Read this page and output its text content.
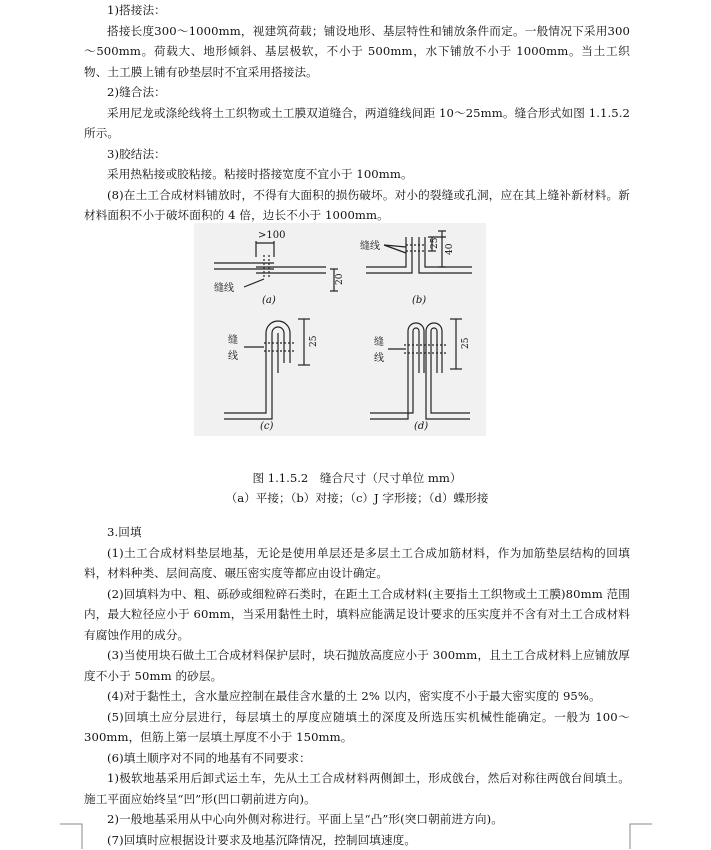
1)搭接法：

搭接长度300～1000mm，视建筑荷载；铺设地形、基层特性和铺放条件而定。一般情况下采用300～500mm。荷载大、地形倾斜、基层极软，不小于 500mm，水下铺放不小于 1000mm。当土工织物、土工膜上铺有砂垫层时不宜采用搭接法。

2)缝合法：

采用尼龙或涤纶线将土工织物或土工膜双道缝合，两道缝线间距 10～25mm。缝合形式如图 1.1.5.2 所示。

3)胶结法：

采用热粘接或胶粘接。粘接时搭接宽度不宜小于 100mm。

(8)在土工合成材料铺放时，不得有大面积的损伤破坏。对小的裂缝或孔洞，应在其上缝补新材料。新材料面积不小于破坏面积的 4 倍，边长不小于 1000mm。

>100
缝线
20
(a)
缝线	25
40
(b)
缝
线
25
(c)
缝
线
25
(d)
图 1.1.5.2　缝合尺寸（尺寸单位 mm）
（a）平接；（b）对接；（c）J 字形接；（d）蝶形接

3.回填

(1)土工合成材料垫层地基，无论是使用单层还是多层土工合成加筋材料，作为加筋垫层结构的回填料，材料种类、层间高度、碾压密实度等都应由设计确定。

(2)回填料为中、粗、砾砂或细粒碎石类时，在距土工合成材料(主要指土工织物或土工膜)80mm 范围内，最大粒径应小于 60mm，当采用黏性土时，填料应能满足设计要求的压实度并不含有对土工合成材料有腐蚀作用的成分。

(3)当使用块石做土工合成材料保护层时，块石抛放高度应小于 300mm，且土工合成材料上应铺放厚度不小于 50mm 的砂层。

(4)对于黏性土，含水量应控制在最佳含水量的土 2% 以内，密实度不小于最大密实度的 95%。

(5)回填土应分层进行，每层填土的厚度应随填土的深度及所选压实机械性能确定。一般为 100～300mm，但筋上第一层填土厚度不小于 150mm。

(6)填土顺序对不同的地基有不同要求：

1)极软地基采用后卸式运土车，先从土工合成材料两侧卸土，形成戗台，然后对称往两戗台间填土。施工平面应始终呈“凹”形(凹口朝前进方向)。

2)一般地基采用从中心向外侧对称进行。平面上呈“凸”形(突口朝前进方向)。

(7)回填时应根据设计要求及地基沉降情况，控制回填速度。
